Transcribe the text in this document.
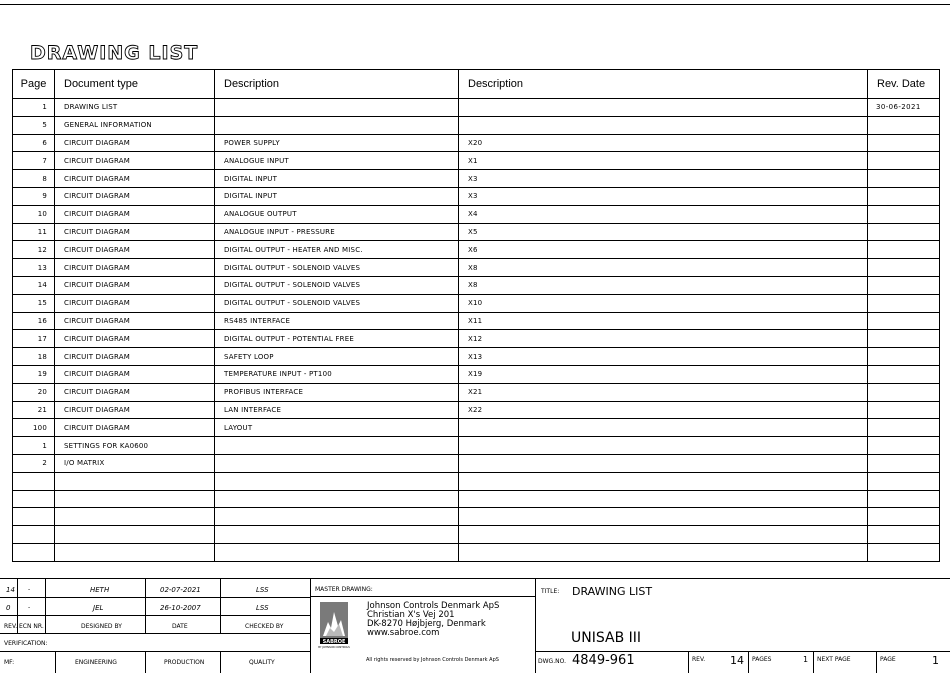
DRAWING LIST
Page	Document type	Description	Description	Rev. Date
1	DRAWING LIST			30-06-2021
5	GENERAL INFORMATION			
6	CIRCUIT DIAGRAM	POWER SUPPLY	X20	
7	CIRCUIT DIAGRAM	ANALOGUE INPUT	X1	
8	CIRCUIT DIAGRAM	DIGITAL INPUT	X3	
9	CIRCUIT DIAGRAM	DIGITAL INPUT	X3	
10	CIRCUIT DIAGRAM	ANALOGUE OUTPUT	X4	
11	CIRCUIT DIAGRAM	ANALOGUE INPUT - PRESSURE	X5	
12	CIRCUIT DIAGRAM	DIGITAL OUTPUT - HEATER AND MISC.	X6	
13	CIRCUIT DIAGRAM	DIGITAL OUTPUT - SOLENOID VALVES	X8	
14	CIRCUIT DIAGRAM	DIGITAL OUTPUT - SOLENOID VALVES	X8	
15	CIRCUIT DIAGRAM	DIGITAL OUTPUT - SOLENOID VALVES	X10	
16	CIRCUIT DIAGRAM	RS485 INTERFACE	X11	
17	CIRCUIT DIAGRAM	DIGITAL OUTPUT - POTENTIAL FREE	X12	
18	CIRCUIT DIAGRAM	SAFETY LOOP	X13	
19	CIRCUIT DIAGRAM	TEMPERATURE INPUT - PT100	X19	
20	CIRCUIT DIAGRAM	PROFIBUS INTERFACE	X21	
21	CIRCUIT DIAGRAM	LAN INTERFACE	X22	
100	CIRCUIT DIAGRAM	LAYOUT		
1	SETTINGS FOR KA0600			
2	I/O MATRIX			

14 -	HETH	02-07-2021	LSS
0	-	JEL	26-10-2007	LSS
REV. ECN NR.	DESIGNED BY	DATE	CHECKED BY
VERIFICATION:
MF:	ENGINEERING	PRODUCTION	QUALITY
MASTER DRAWING:
SABROE
BY JOHNSON CONTROLS
Johnson Controls Denmark ApS
Christian X's Vej 201
DK-8270 Højbjerg, Denmark
www.sabroe.com
All rights reserved by Johnson Controls Denmark ApS
TITLE: DRAWING LIST
UNISAB III
DWG.NO. 4849-961	REV. 14 PAGES	1 NEXT PAGE	PAGE	1
